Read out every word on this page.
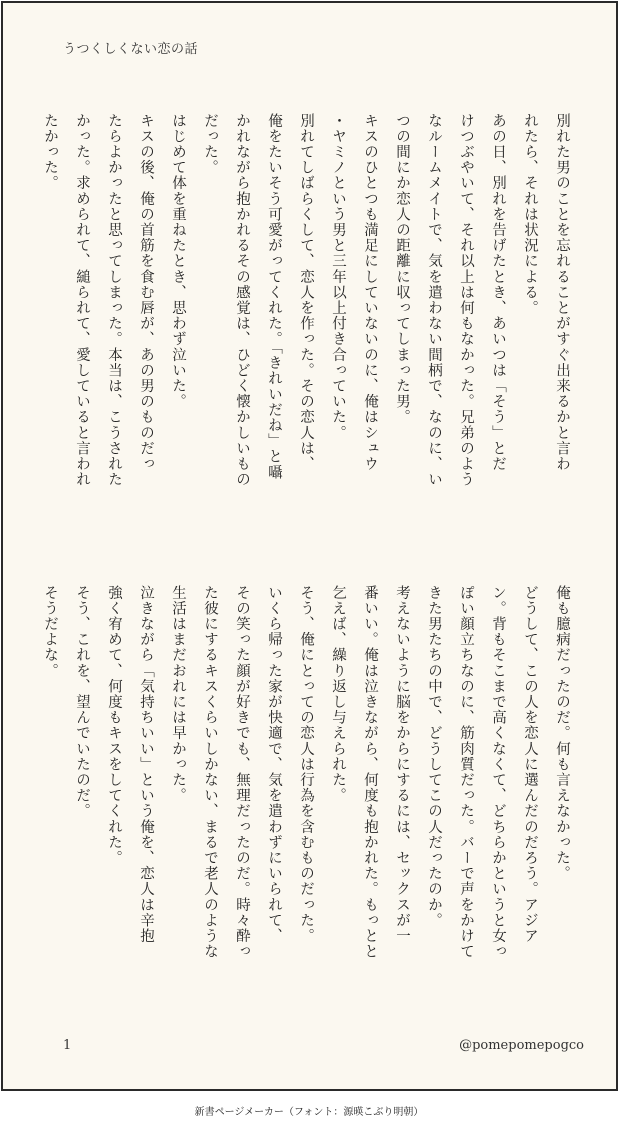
うつくしくない恋の話

別れた男のことを忘れることがすぐ出来るかと言わ

れたら、それは状況による。

あの日、別れを告げたとき、あいつは「そう」とだ

けつぶやいて、それ以上は何もなかった。兄弟のよう

なルームメイトで、気を遣わない間柄で、なのに、い

つの間にか恋人の距離に収ってしまった男。

キスのひとつも満足にしていないのに、俺はシュウ

・ヤミノという男と三年以上付き合っていた。

別れてしばらくして、恋人を作った。その恋人は、

俺をたいそう可愛がってくれた。「きれいだね」と囁

かれながら抱かれるその感覚は、ひどく懐かしいもの

だった。

はじめて体を重ねたとき、思わず泣いた。

キスの後、俺の首筋を食む唇が、あの男のものだっ

たらよかったと思ってしまった。本当は、こうされた

かった。求められて、縋られて、愛していると言われ

たかった。

俺も臆病だったのだ。何も言えなかった。

どうして、この人を恋人に選んだのだろう。アジア

ン。背もそこまで高くなくて、どちらかというと女っ

ぽい顔立ちなのに、筋肉質だった。バーで声をかけて

きた男たちの中で、どうしてこの人だったのか。

考えないように脳をからにするには、セックスが一

番いい。俺は泣きながら、何度も抱かれた。もっとと

乞えば、繰り返し与えられた。

そう、俺にとっての恋人は行為を含むものだった。

いくら帰った家が快適で、気を遣わずにいられて、

その笑った顔が好きでも、無理だったのだ。時々酔っ

た彼にするキスくらいしかない、まるで老人のような

生活はまだおれには早かった。

泣きながら「気持ちいい」という俺を、恋人は辛抱

強く宥めて、何度もキスをしてくれた。

そう、これを、望んでいたのだ。

そうだよな。

1	@pomepomepogco
新書ページメーカー（フォント：源暎こぶり明朝）
